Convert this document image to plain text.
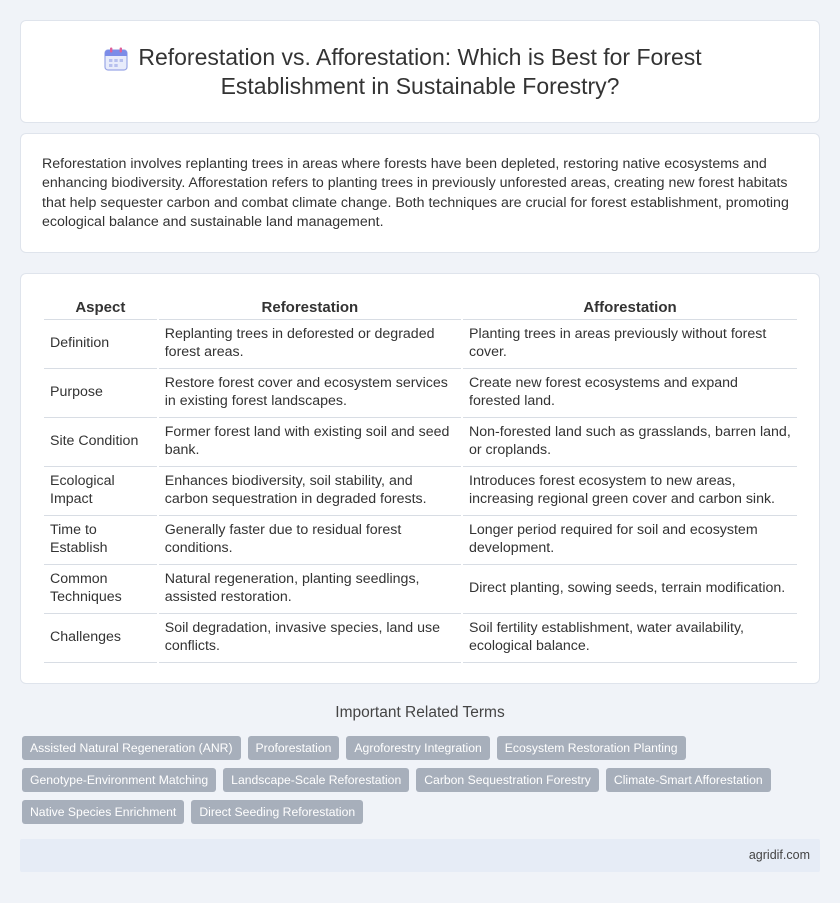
Reforestation vs. Afforestation: Which is Best for Forest Establishment in Sustainable Forestry?

Reforestation involves replanting trees in areas where forests have been depleted, restoring native ecosystems and enhancing biodiversity. Afforestation refers to planting trees in previously unforested areas, creating new forest habitats that help sequester carbon and combat climate change. Both techniques are crucial for forest establishment, promoting ecological balance and sustainable land management.

Aspect	Reforestation	Afforestation
Definition	Replanting trees in deforested or degraded forest areas.	Planting trees in areas previously without forest cover.
Purpose	Restore forest cover and ecosystem services in existing forest landscapes.	Create new forest ecosystems and expand forested land.
Site Condition	Former forest land with existing soil and seed bank.	Non-forested land such as grasslands, barren land, or croplands.
Ecological Impact	Enhances biodiversity, soil stability, and carbon sequestration in degraded forests.	Introduces forest ecosystem to new areas, increasing regional green cover and carbon sink.
Time to Establish	Generally faster due to residual forest conditions.	Longer period required for soil and ecosystem development.
Common Techniques	Natural regeneration, planting seedlings, assisted restoration.	Direct planting, sowing seeds, terrain modification.
Challenges	Soil degradation, invasive species, land use conflicts.	Soil fertility establishment, water availability, ecological balance.
Important Related Terms
Assisted Natural Regeneration (ANR)	Proforestation	Agroforestry Integration	Ecosystem Restoration Planting
Genotype-Environment Matching	Landscape-Scale Reforestation	Carbon Sequestration Forestry	Climate-Smart Afforestation
Native Species Enrichment	Direct Seeding Reforestation
agridif.com
